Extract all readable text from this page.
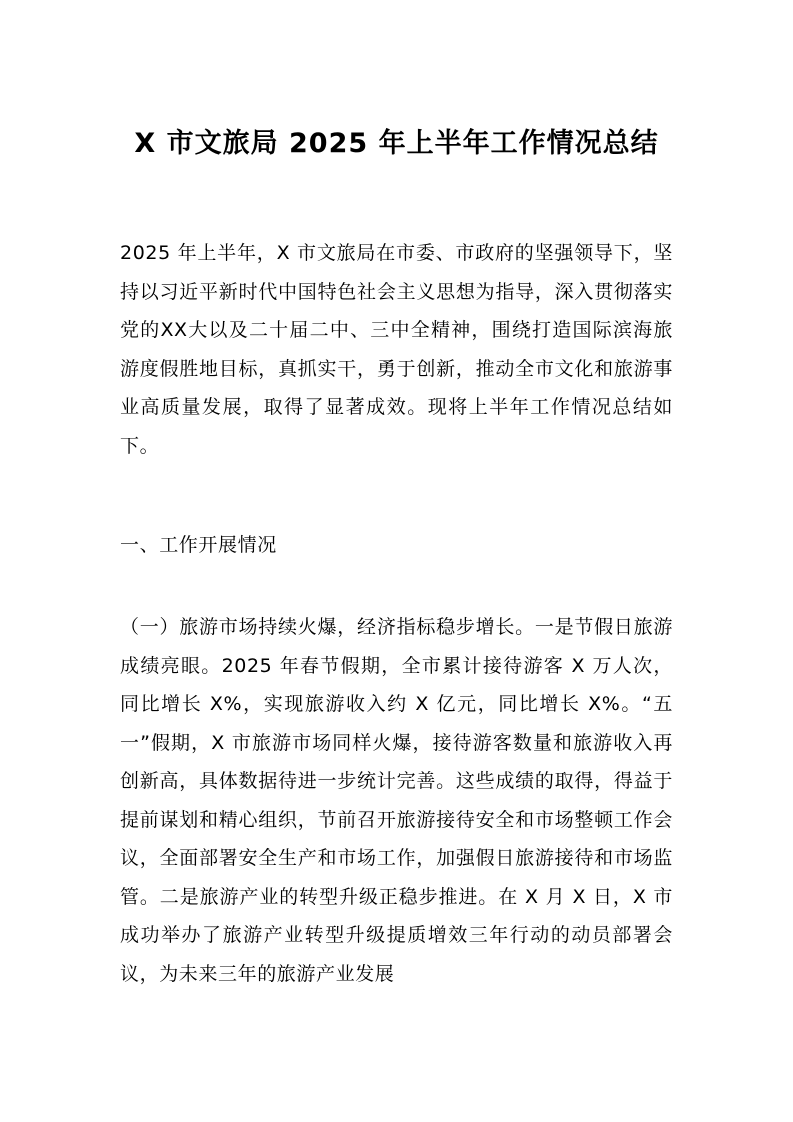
X 市文旅局 2025 年上半年工作情况总结

2025 年上半年，X 市文旅局在市委、市政府的坚强领导下，坚持以习近平新时代中国特色社会主义思想为指导，深入贯彻落实党的XX大以及二十届二中、三中全精神，围绕打造国际滨海旅游度假胜地目标，真抓实干，勇于创新，推动全市文化和旅游事业高质量发展，取得了显著成效。现将上半年工作情况总结如下。

一、工作开展情况

（一）旅游市场持续火爆，经济指标稳步增长。一是节假日旅游成绩亮眼。2025 年春节假期，全市累计接待游客 X 万人次，同比增长 X%，实现旅游收入约 X 亿元，同比增长 X%。“五一”假期，X 市旅游市场同样火爆，接待游客数量和旅游收入再创新高，具体数据待进一步统计完善。这些成绩的取得，得益于提前谋划和精心组织，节前召开旅游接待安全和市场整顿工作会议，全面部署安全生产和市场工作，加强假日旅游接待和市场监管。二是旅游产业的转型升级正稳步推进。在 X 月 X 日，X 市成功举办了旅游产业转型升级提质增效三年行动的动员部署会议，为未来三年的旅游产业发展
